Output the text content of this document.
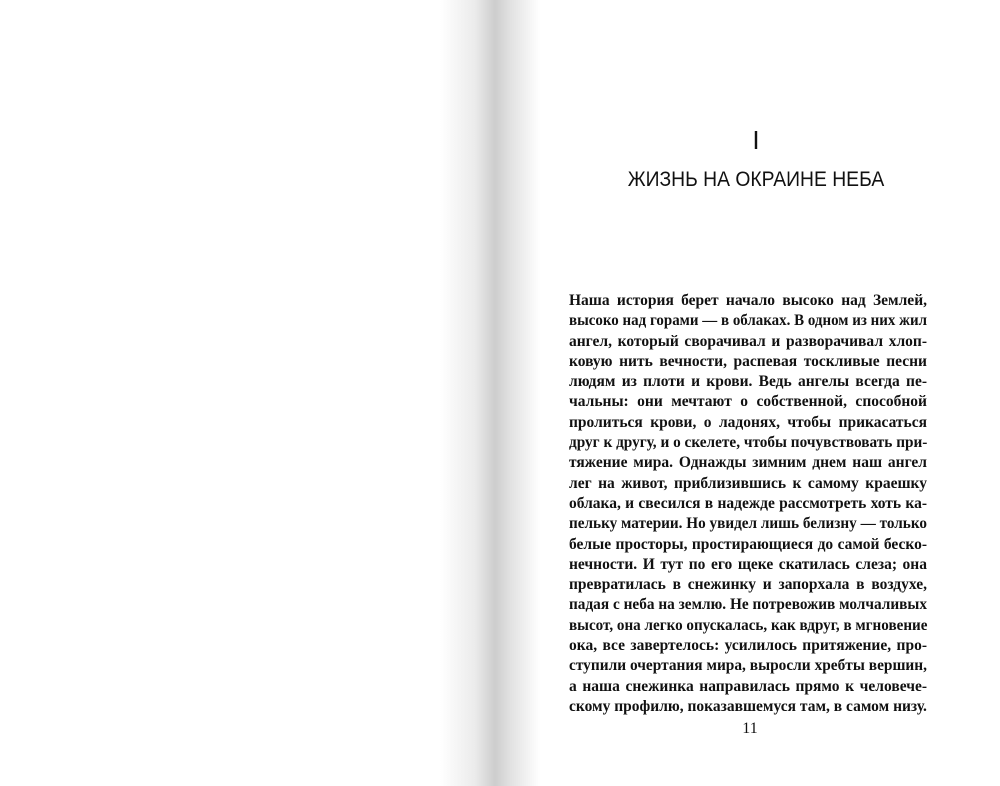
I
ЖИЗНЬ НА ОКРАИНЕ НЕБА
Наша история берет начало высоко над Землей,
высоко над горами — в облаках. В одном из них жил
ангел, который сворачивал и разворачивал хлоп-
ковую нить вечности, распевая тоскливые песни
людям из плоти и крови. Ведь ангелы всегда пе-
чальны: они мечтают о собственной, способной
пролиться крови, о ладонях, чтобы прикасаться
друг к другу, и о скелете, чтобы почувствовать при-
тяжение мира. Однажды зимним днем наш ангел
лег на живот, приблизившись к самому краешку
облака, и свесился в надежде рассмотреть хоть ка-
пельку материи. Но увидел лишь белизну — только
белые просторы, простирающиеся до самой беско-
нечности. И тут по его щеке скатилась слеза; она
превратилась в снежинку и запорхала в воздухе,
падая с неба на землю. Не потревожив молчаливых
высот, она легко опускалась, как вдруг, в мгновение
ока, все завертелось: усилилось притяжение, про-
ступили очертания мира, выросли хребты вершин,
а наша снежинка направилась прямо к человече-
скому профилю, показавшемуся там, в самом низу.
11
